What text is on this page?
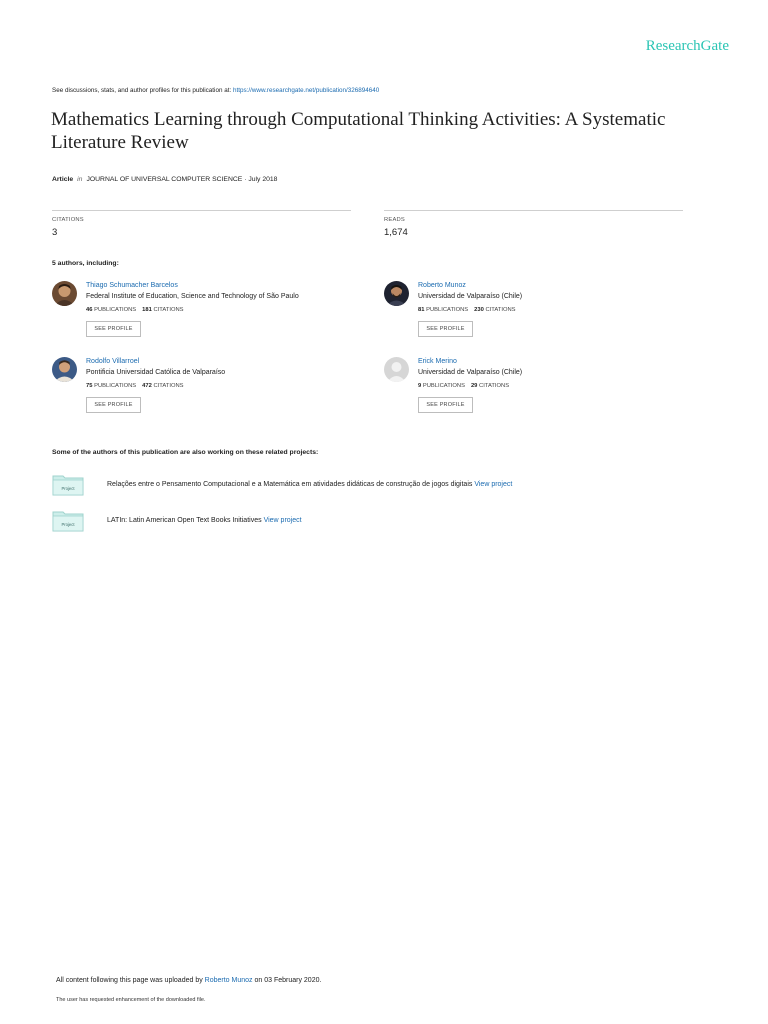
ResearchGate
See discussions, stats, and author profiles for this publication at: https://www.researchgate.net/publication/326894640
Mathematics Learning through Computational Thinking Activities: A Systematic Literature Review
Article in JOURNAL OF UNIVERSAL COMPUTER SCIENCE · July 2018
CITATIONS
3
READS
1,674
5 authors, including:
Thiago Schumacher Barcelos
Federal Institute of Education, Science and Technology of São Paulo
46 PUBLICATIONS 181 CITATIONS
SEE PROFILE
Roberto Munoz
Universidad de Valparaíso (Chile)
81 PUBLICATIONS 230 CITATIONS
SEE PROFILE
Rodolfo Villarroel
Pontificia Universidad Católica de Valparaíso
75 PUBLICATIONS 472 CITATIONS
SEE PROFILE
Erick Merino
Universidad de Valparaíso (Chile)
9 PUBLICATIONS 29 CITATIONS
SEE PROFILE
Some of the authors of this publication are also working on these related projects:
Project
Relações entre o Pensamento Computacional e a Matemática em atividades didáticas de construção de jogos digitais View project
Project
LATIn: Latin American Open Text Books Initiatives View project
All content following this page was uploaded by Roberto Munoz on 03 February 2020.
The user has requested enhancement of the downloaded file.
